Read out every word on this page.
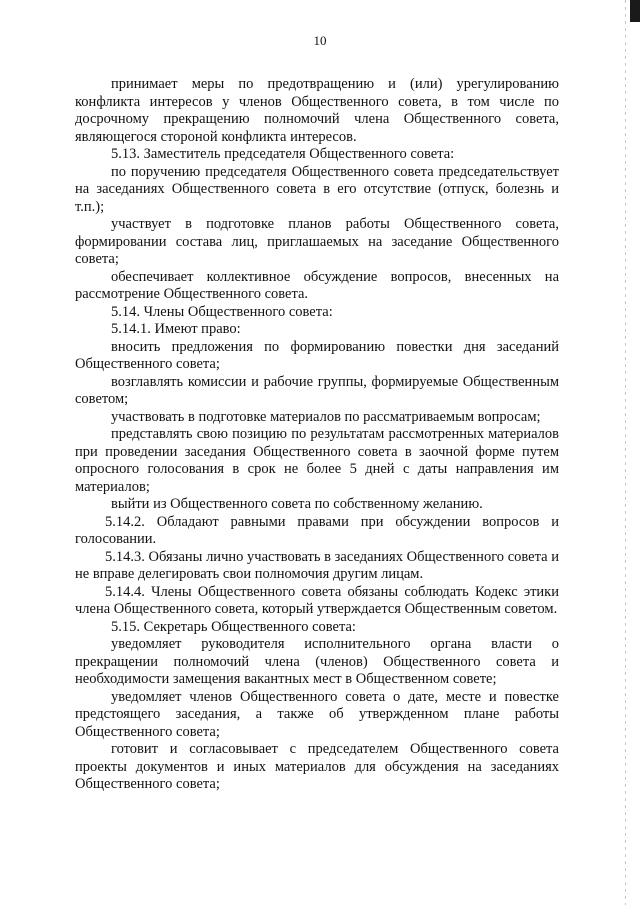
10

принимает меры по предотвращению и (или) урегулированию конфликта интересов у членов Общественного совета, в том числе по досрочному прекращению полномочий члена Общественного совета, являющегося стороной конфликта интересов.

5.13. Заместитель председателя Общественного совета:

по поручению председателя Общественного совета председательствует на заседаниях Общественного совета в его отсутствие (отпуск, болезнь и т.п.);

участвует в подготовке планов работы Общественного совета, формировании состава лиц, приглашаемых на заседание Общественного совета;

обеспечивает коллективное обсуждение вопросов, внесенных на рассмотрение Общественного совета.

5.14. Члены Общественного совета:

5.14.1. Имеют право:

вносить предложения по формированию повестки дня заседаний Общественного совета;

возглавлять комиссии и рабочие группы, формируемые Общественным советом;

участвовать в подготовке материалов по рассматриваемым вопросам;

представлять свою позицию по результатам рассмотренных материалов при проведении заседания Общественного совета в заочной форме путем опросного голосования в срок не более 5 дней с даты направления им материалов;

выйти из Общественного совета по собственному желанию.

5.14.2. Обладают равными правами при обсуждении вопросов и голосовании.

5.14.3. Обязаны лично участвовать в заседаниях Общественного совета и не вправе делегировать свои полномочия другим лицам.

5.14.4. Члены Общественного совета обязаны соблюдать Кодекс этики члена Общественного совета, который утверждается Общественным советом.

5.15. Секретарь Общественного совета:

уведомляет руководителя исполнительного органа власти о прекращении полномочий члена (членов) Общественного совета и необходимости замещения вакантных мест в Общественном совете;

уведомляет членов Общественного совета о дате, месте и повестке предстоящего заседания, а также об утвержденном плане работы Общественного совета;

готовит и согласовывает с председателем Общественного совета проекты документов и иных материалов для обсуждения на заседаниях Общественного совета;
